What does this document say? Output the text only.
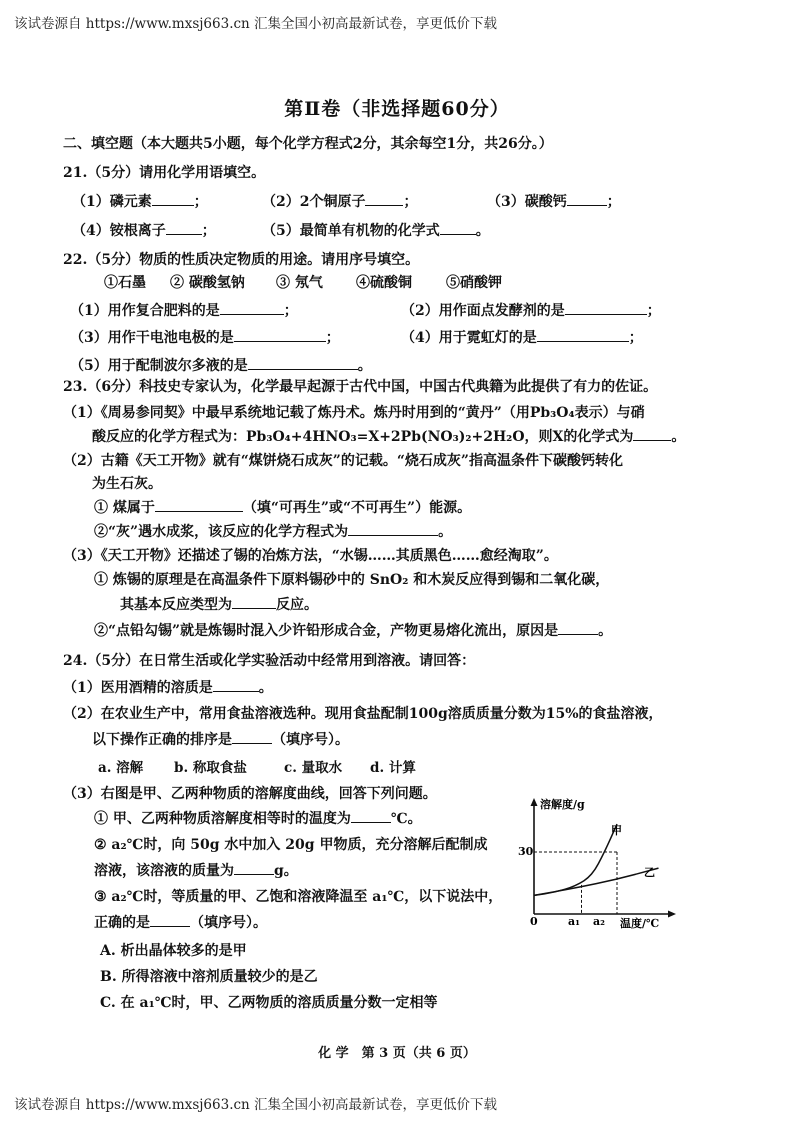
该试卷源自 https://www.mxsj663.cn 汇集全国小初高最新试卷，享更低价下载
第Ⅱ卷（非选择题60分）
二、填空题（本大题共5小题，每个化学方程式2分，其余每空1分，共26分。）
21.（5分）请用化学用语填空。
（1）磷元素	；	（2）2个铜原子	；	（3）碳酸钙	；
（4）铵根离子	；	（5）最简单有机物的化学式	。
22.（5分）物质的性质决定物质的用途。请用序号填空。
①石墨 ② 碳酸氢钠 ③ 氖气 ④硫酸铜 ⑤硝酸钾
（1）用作复合肥料的是	；	（2）用作面点发酵剂的是	；
（3）用作干电池电极的是	；	（4）用于霓虹灯的是	；
（5）用于配制波尔多液的是	。
23.（6分）科技史专家认为，化学最早起源于古代中国，中国古代典籍为此提供了有力的佐证。
（1）《周易参同契》中最早系统地记载了炼丹术。炼丹时用到的“黄丹”（用Pb₃O₄表示）与硝
酸反应的化学方程式为：Pb₃O₄+4HNO₃=X+2Pb(NO₃)₂+2H₂O，则X的化学式为	。
（2）古籍《天工开物》就有“煤饼烧石成灰”的记载。“烧石成灰”指高温条件下碳酸钙转化
为生石灰。
① 煤属于	（填“可再生”或“不可再生”）能源。
②“灰”遇水成浆，该反应的化学方程式为	。
（3）《天工开物》还描述了锡的冶炼方法，“水锡……其质黑色……愈经淘取”。
① 炼锡的原理是在高温条件下原料锡砂中的 SnO₂ 和木炭反应得到锡和二氧化碳，
其基本反应类型为	反应。
②“点铅勾锡”就是炼锡时混入少许铅形成合金，产物更易熔化流出，原因是	。
24.（5分）在日常生活或化学实验活动中经常用到溶液。请回答：
（1）医用酒精的溶质是	。
（2）在农业生产中，常用食盐溶液选种。现用食盐配制100g溶质质量分数为15%的食盐溶液，
以下操作正确的排序是	（填序号）。
a. 溶解 b. 称取食盐	c. 量取水 d. 计算
（3）右图是甲、乙两种物质的溶解度曲线，回答下列问题。
① 甲、乙两种物质溶解度相等时的温度为	℃。
② a₂℃时，向 50g 水中加入 20g 甲物质，充分溶解后配制成
溶液，该溶液的质量为	g。
③ a₂℃时，等质量的甲、乙饱和溶液降温至 a₁℃，以下说法中，
正确的是	（填序号）。
A. 析出晶体较多的是甲
B. 所得溶液中溶剂质量较少的是乙
C. 在 a₁℃时，甲、乙两物质的溶质质量分数一定相等
溶解度/g
温度/℃
0
30
a₁ a₂
甲
乙
化 学　第 3 页（共 6 页）
该试卷源自 https://www.mxsj663.cn 汇集全国小初高最新试卷，享更低价下载
